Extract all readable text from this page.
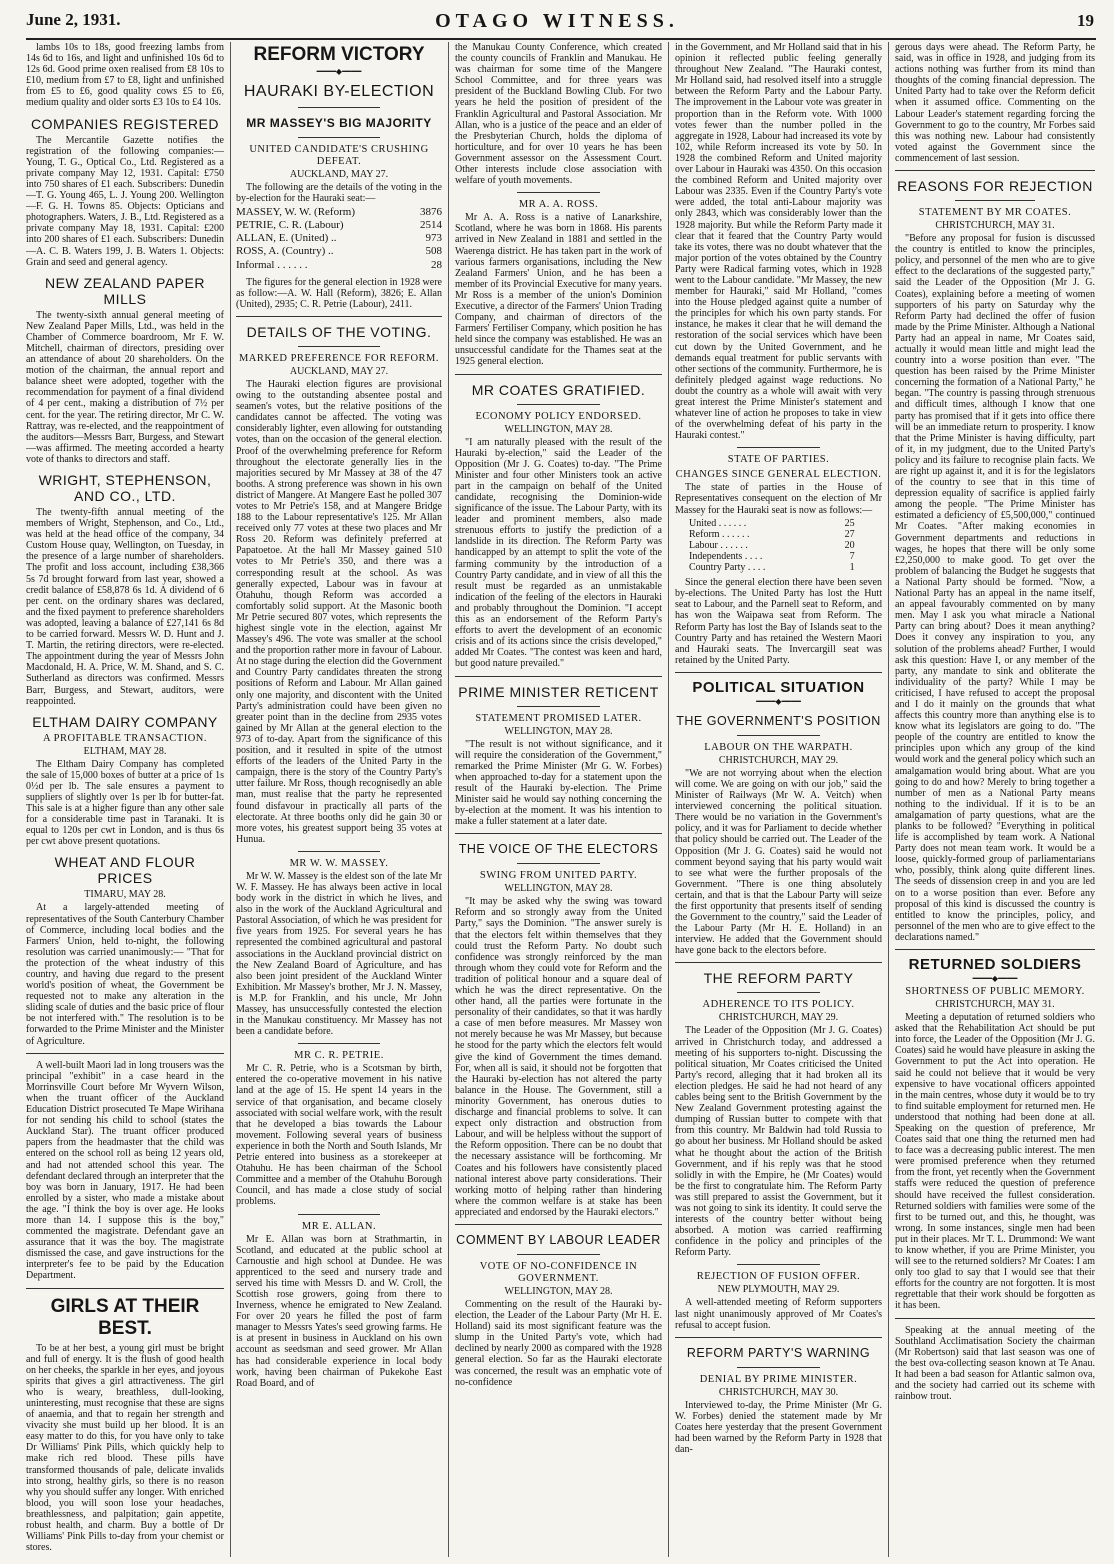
June 2, 1931.	OTAGO WITNESS.	19

lambs 10s to 18s, good freezing lambs from 14s 6d to 16s, and light and unfinished 10s 6d to 12s 6d. Good prime oxen realised from £8 10s to £10, medium from £7 to £8, light and unfinished from £5 to £6, good quality cows £5 to £6, medium quality and older sorts £3 10s to £4 10s.

COMPANIES REGISTERED

The Mercantile Gazette notifies the registration of the following companies:— Young, T. G., Optical Co., Ltd. Registered as a private company May 12, 1931. Capital: £750 into 750 shares of £1 each. Subscribers: Dunedin—T. G. Young 465, L. J. Young 200. Wellington—F. G. H. Towns 85. Objects: Opticians and photographers. Waters, J. B., Ltd. Registered as a private company May 18, 1931. Capital: £200 into 200 shares of £1 each. Subscribers: Dunedin—A. C. B. Waters 199, J. B. Waters 1. Objects: Grain and seed and general agency.

NEW ZEALAND PAPER MILLS

The twenty-sixth annual general meeting of New Zealand Paper Mills, Ltd., was held in the Chamber of Commerce boardroom, Mr F. W. Mitchell, chairman of directors, presiding over an attendance of about 20 shareholders. On the motion of the chairman, the annual report and balance sheet were adopted, together with the recommendation for payment of a final dividend of 4 per cent., making a distribution of 7½ per cent. for the year. The retiring director, Mr C. W. Rattray, was re-elected, and the reappointment of the auditors—Messrs Barr, Burgess, and Stewart—was affirmed. The meeting accorded a hearty vote of thanks to directors and staff.

WRIGHT, STEPHENSON, AND CO., LTD.

The twenty-fifth annual meeting of the members of Wright, Stephenson, and Co., Ltd., was held at the head office of the company, 34 Custom House quay, Wellington, on Tuesday, in the presence of a large number of shareholders. The profit and loss account, including £38,366 5s 7d brought forward from last year, showed a credit balance of £58,878 6s 1d. A dividend of 6 per cent. on the ordinary shares was declared, and the fixed payment to preference shareholders was adopted, leaving a balance of £27,141 6s 8d to be carried forward. Messrs W. D. Hunt and J. T. Martin, the retiring directors, were re-elected. The appointment during the year of Messrs John Macdonald, H. A. Price, W. M. Shand, and S. C. Sutherland as directors was confirmed. Messrs Barr, Burgess, and Stewart, auditors, were reappointed.

ELTHAM DAIRY COMPANY
A PROFITABLE TRANSACTION.
ELTHAM, MAY 28.

The Eltham Dairy Company has completed the sale of 15,000 boxes of butter at a price of 1s 0½d per lb. The sale ensures a payment to suppliers of slightly over 1s per lb for butter-fat. This sale is at a higher figure than any other sale for a considerable time past in Taranaki. It is equal to 120s per cwt in London, and is thus 6s per cwt above present quotations.

WHEAT AND FLOUR PRICES
TIMARU, MAY 28.

At a largely-attended meeting of representatives of the South Canterbury Chamber of Commerce, including local bodies and the Farmers' Union, held to-night, the following resolution was carried unanimously:— "That for the protection of the wheat industry of this country, and having due regard to the present world's position of wheat, the Government be requested not to make any alteration in the sliding scale of duties and the basic price of flour be not interfered with." The resolution is to be forwarded to the Prime Minister and the Minister of Agriculture.

A well-built Maori lad in long trousers was the principal "exhibit" in a case heard in the Morrinsville Court before Mr Wyvern Wilson, when the truant officer of the Auckland Education District prosecuted Te Mape Wirihana for not sending his child to school (states the Auckland Star). The truant officer produced papers from the headmaster that the child was entered on the school roll as being 12 years old, and had not attended school this year. The defendant declared through an interpreter that the boy was born in January, 1917. He had been enrolled by a sister, who made a mistake about the age. "I think the boy is over age. He looks more than 14. I suppose this is the boy," commented the magistrate. Defendant gave an assurance that it was the boy. The magistrate dismissed the case, and gave instructions for the interpreter's fee to be paid by the Education Department.

GIRLS AT THEIR BEST.

To be at her best, a young girl must be bright and full of energy. It is the flush of good health on her cheeks, the sparkle in her eyes, and joyous spirits that gives a girl attractiveness. The girl who is weary, breathless, dull-looking, uninteresting, must recognise that these are signs of anaemia, and that to regain her strength and vivacity she must build up her blood. It is an easy matter to do this, for you have only to take Dr Williams' Pink Pills, which quickly help to make rich red blood. These pills have transformed thousands of pale, delicate invalids into strong, healthy girls, so there is no reason why you should suffer any longer. With enriched blood, you will soon lose your headaches, breathlessness, and palpitation; gain appetite, robust health, and charm. Buy a bottle of Dr Williams' Pink Pills to-day from your chemist or stores.

REFORM VICTORY
━━━━◆━━━━
HAURAKI BY-ELECTION
MR MASSEY'S BIG MAJORITY
UNITED CANDIDATE'S CRUSHING DEFEAT.
AUCKLAND, MAY 27.

The following are the details of the voting in the by-election for the Hauraki seat:—

MASSEY, W. W. (Reform)	3876
PETRIE, C. R. (Labour)	2514
ALLAN, E. (United) ..	973
ROSS, A. (Country) ..	508
Informal . . . . . .	28

The figures for the general election in 1928 were as follow:—A. W. Hall (Reform), 3826; E. Allan (United), 2935; C. R. Petrie (Labour), 2411.

DETAILS OF THE VOTING.
MARKED PREFERENCE FOR REFORM.
AUCKLAND, MAY 27.

The Hauraki election figures are provisional owing to the outstanding absentee postal and seamen's votes, but the relative positions of the candidates cannot be affected. The voting was considerably lighter, even allowing for outstanding votes, than on the occasion of the general election. Proof of the overwhelming preference for Reform throughout the electorate generally lies in the majorities secured by Mr Massey at 38 of the 47 booths. A strong preference was shown in his own district of Mangere. At Mangere East he polled 307 votes to Mr Petrie's 158, and at Mangere Bridge 188 to the Labour representative's 125. Mr Allan received only 77 votes at these two places and Mr Ross 20. Reform was definitely preferred at Papatoetoe. At the hall Mr Massey gained 510 votes to Mr Petrie's 350, and there was a corresponding result at the school. As was generally expected, Labour was in favour at Otahuhu, though Reform was accorded a comfortably solid support. At the Masonic booth Mr Petrie secured 807 votes, which represents the highest single vote in the election, against Mr Massey's 496. The vote was smaller at the school and the proportion rather more in favour of Labour. At no stage during the election did the Government and Country Party candidates threaten the strong positions of Reform and Labour. Mr Allan gained only one majority, and discontent with the United Party's administration could have been given no greater point than in the decline from 2935 votes gained by Mr Allan at the general election to the 973 of to-day. Apart from the significance of this position, and it resulted in spite of the utmost efforts of the leaders of the United Party in the campaign, there is the story of the Country Party's utter failure. Mr Ross, though recognisedly an able man, must realise that the party he represented found disfavour in practically all parts of the electorate. At three booths only did he gain 30 or more votes, his greatest support being 35 votes at Hunua.

MR W. W. MASSEY.

Mr W. W. Massey is the eldest son of the late Mr W. F. Massey. He has always been active in local body work in the district in which he lives, and also in the work of the Auckland Agricultural and Pastoral Association, of which he was president for five years from 1925. For several years he has represented the combined agricultural and pastoral associations in the Auckland provincial district on the New Zealand Board of Agriculture, and has also been joint president of the Auckland Winter Exhibition. Mr Massey's brother, Mr J. N. Massey, is M.P. for Franklin, and his uncle, Mr John Massey, has unsuccessfully contested the election in the Manukau constituency. Mr Massey has not been a candidate before.

MR C. R. PETRIE.

Mr C. R. Petrie, who is a Scotsman by birth, entered the co-operative movement in his native land at the age of 15. He spent 14 years in the service of that organisation, and became closely associated with social welfare work, with the result that he developed a bias towards the Labour movement. Following several years of business experience in both the North and South Islands, Mr Petrie entered into business as a storekeeper at Otahuhu. He has been chairman of the School Committee and a member of the Otahuhu Borough Council, and has made a close study of social problems.

MR E. ALLAN.

Mr E. Allan was born at Strathmartin, in Scotland, and educated at the public school at Carnoustie and high school at Dundee. He was apprenticed to the seed and nursery trade and served his time with Messrs D. and W. Croll, the Scottish rose growers, going from there to Inverness, whence he emigrated to New Zealand. For over 20 years he filled the post of farm manager to Messrs Yates's seed growing farms. He is at present in business in Auckland on his own account as seedsman and seed grower. Mr Allan has had considerable experience in local body work, having been chairman of Pukekohe East Road Board, and of

the Manukau County Conference, which created the county councils of Franklin and Manukau. He was chairman for some time of the Mangere School Committee, and for three years was president of the Buckland Bowling Club. For two years he held the position of president of the Franklin Agricultural and Pastoral Association. Mr Allan, who is a justice of the peace and an elder of the Presbyterian Church, holds the diploma of horticulture, and for over 10 years he has been Government assessor on the Assessment Court. Other interests include close association with welfare of youth movements.

MR A. A. ROSS.

Mr A. A. Ross is a native of Lanarkshire, Scotland, where he was born in 1868. His parents arrived in New Zealand in 1881 and settled in the Waerenga district. He has taken part in the work of various farmers organisations, including the New Zealand Farmers' Union, and he has been a member of its Provincial Executive for many years. Mr Ross is a member of the union's Dominion Executive, a director of the Farmers' Union Trading Company, and chairman of directors of the Farmers' Fertiliser Company, which position he has held since the company was established. He was an unsuccessful candidate for the Thames seat at the 1925 general election.

MR COATES GRATIFIED.
ECONOMY POLICY ENDORSED.
WELLINGTON, MAY 28.

"I am naturally pleased with the result of the Hauraki by-election," said the Leader of the Opposition (Mr J. G. Coates) to-day. "The Prime Minister and four other Ministers took an active part in the campaign on behalf of the United candidate, recognising the Dominion-wide significance of the issue. The Labour Party, with its leader and prominent members, also made strenuous efforts to justify the prediction of a landslide in its direction. The Reform Party was handicapped by an attempt to split the vote of the farming community by the introduction of a Country Party candidate, and in view of all this the result must be regarded as an unmistakable indication of the feeling of the electors in Hauraki and probably throughout the Dominion. "I accept this as an endorsement of the Reform Party's efforts to avert the development of an economic crisis and of its actions since the crisis developed," added Mr Coates. "The contest was keen and hard, but good nature prevailed."

PRIME MINISTER RETICENT
STATEMENT PROMISED LATER.
WELLINGTON, MAY 28.

"The result is not without significance, and it will require the consideration of the Government," remarked the Prime Minister (Mr G. W. Forbes) when approached to-day for a statement upon the result of the Hauraki by-election. The Prime Minister said he would say nothing concerning the by-election at the moment. It was his intention to make a fuller statement at a later date.

THE VOICE OF THE ELECTORS
SWING FROM UNITED PARTY.
WELLINGTON, MAY 28.

"It may be asked why the swing was toward Reform and so strongly away from the United Party," says the Dominion. "The answer surely is that the electors felt within themselves that they could trust the Reform Party. No doubt such confidence was strongly reinforced by the man through whom they could vote for Reform and the tradition of political honour and a square deal of which he was the direct representative. On the other hand, all the parties were fortunate in the personality of their candidates, so that it was hardly a case of men before measures. Mr Massey won not merely because he was Mr Massey, but because he stood for the party which the electors felt would give the kind of Government the times demand. For, when all is said, it should not be forgotten that the Hauraki by-election has not altered the party balance in the House. The Government, still a minority Government, has onerous duties to discharge and financial problems to solve. It can expect only distraction and obstruction from Labour, and will be helpless without the support of the Reform opposition. There can be no doubt that the necessary assistance will be forthcoming. Mr Coates and his followers have consistently placed national interest above party considerations. Their working motto of helping rather than hindering where the common welfare is at stake has been appreciated and endorsed by the Hauraki electors."

COMMENT BY LABOUR LEADER
VOTE OF NO-CONFIDENCE IN GOVERNMENT.
WELLINGTON, MAY 28.

Commenting on the result of the Hauraki by-election, the Leader of the Labour Party (Mr H. E. Holland) said its most significant feature was the slump in the United Party's vote, which had declined by nearly 2000 as compared with the 1928 general election. So far as the Hauraki electorate was concerned, the result was an emphatic vote of no-confidence

in the Government, and Mr Holland said that in his opinion it reflected public feeling generally throughout New Zealand. "The Hauraki contest, Mr Holland said, had resolved itself into a struggle between the Reform Party and the Labour Party. The improvement in the Labour vote was greater in proportion than in the Reform vote. With 1000 votes fewer than the number polled in the aggregate in 1928, Labour had increased its vote by 102, while Reform increased its vote by 50. In 1928 the combined Reform and United majority over Labour in Hauraki was 4350. On this occasion the combined Reform and United majority over Labour was 2335. Even if the Country Party's vote were added, the total anti-Labour majority was only 2843, which was considerably lower than the 1928 majority. But while the Reform Party made it clear that it feared that the Country Party would take its votes, there was no doubt whatever that the major portion of the votes obtained by the Country Party were Radical farming votes, which in 1928 went to the Labour candidate. "Mr Massey, the new member for Hauraki," said Mr Holland, "comes into the House pledged against quite a number of the principles for which his own party stands. For instance, he makes it clear that he will demand the restoration of the social services which have been cut down by the United Government, and he demands equal treatment for public servants with other sections of the community. Furthermore, he is definitely pledged against wage reductions. No doubt the country as a whole will await with very great interest the Prime Minister's statement and whatever line of action he proposes to take in view of the overwhelming defeat of his party in the Hauraki contest."

STATE OF PARTIES.
CHANGES SINCE GENERAL ELECTION.

The state of parties in the House of Representatives consequent on the election of Mr Massey for the Hauraki seat is now as follows:—

United . . . . . .	25
Reform . . . . . .	27
Labour . . . . . .	20
Independents . . . .	7
Country Party . . . .	1

Since the general election there have been seven by-elections. The United Party has lost the Hutt seat to Labour, and the Parnell seat to Reform, and has won the Waipawa seat from Reform. The Reform Party has lost the Bay of Islands seat to the Country Party and has retained the Western Maori and Hauraki seats. The Invercargill seat was retained by the United Party.

POLITICAL SITUATION
━━━━◆━━━━
THE GOVERNMENT'S POSITION
LABOUR ON THE WARPATH.
CHRISTCHURCH, MAY 29.

"We are not worrying about when the election will come. We are going on with our job," said the Minister of Railways (Mr W. A. Veitch) when interviewed concerning the political situation. There would be no variation in the Government's policy, and it was for Parliament to decide whether that policy should be carried out. The Leader of the Opposition (Mr J. G. Coates) said he would not comment beyond saying that his party would wait to see what were the further proposals of the Government. "There is one thing absolutely certain, and that is that the Labour Party will seize the first opportunity that presents itself of sending the Government to the country," said the Leader of the Labour Party (Mr H. E. Holland) in an interview. He added that the Government should have gone back to the electors before.

THE REFORM PARTY
ADHERENCE TO ITS POLICY.
CHRISTCHURCH, MAY 29.

The Leader of the Opposition (Mr J. G. Coates) arrived in Christchurch today, and addressed a meeting of his supporters to-night. Discussing the political situation, Mr Coates criticised the United Party's record, alleging that it had broken all its election pledges. He said he had not heard of any cables being sent to the British Government by the New Zealand Government protesting against the dumping of Russian butter to compete with that from this country. Mr Baldwin had told Russia to go about her business. Mr Holland should be asked what he thought about the action of the British Government, and if his reply was that he stood solidly in with the Empire, he (Mr Coates) would be the first to congratulate him. The Reform Party was still prepared to assist the Government, but it was not going to sink its identity. It could serve the interests of the country better without being absorbed. A motion was carried reaffirming confidence in the policy and principles of the Reform Party.

REJECTION OF FUSION OFFER.
NEW PLYMOUTH, MAY 29.

A well-attended meeting of Reform supporters last night unanimously approved of Mr Coates's refusal to accept fusion.

REFORM PARTY'S WARNING
DENIAL BY PRIME MINISTER.
CHRISTCHURCH, MAY 30.

Interviewed to-day, the Prime Minister (Mr G. W. Forbes) denied the statement made by Mr Coates here yesterday that the present Government had been warned by the Reform Party in 1928 that dan-

gerous days were ahead. The Reform Party, he said, was in office in 1928, and judging from its actions nothing was further from its mind than thoughts of the coming financial depression. The United Party had to take over the Reform deficit when it assumed office. Commenting on the Labour Leader's statement regarding forcing the Government to go to the country, Mr Forbes said this was nothing new. Labour had consistently voted against the Government since the commencement of last session.

REASONS FOR REJECTION
STATEMENT BY MR COATES.
CHRISTCHURCH, MAY 31.

"Before any proposal for fusion is discussed the country is entitled to know the principles, policy, and personnel of the men who are to give effect to the declarations of the suggested party," said the Leader of the Opposition (Mr J. G. Coates), explaining before a meeting of women supporters of his party on Saturday why the Reform Party had declined the offer of fusion made by the Prime Minister. Although a National Party had an appeal in name, Mr Coates said, actually it would mean little and might lead the country into a worse position than ever. "The question has been raised by the Prime Minister concerning the formation of a National Party," he began. "The country is passing through strenuous and difficult times, although I know that one party has promised that if it gets into office there will be an immediate return to prosperity. I know that the Prime Minister is having difficulty, part of it, in my judgment, due to the United Party's policy and its failure to recognise plain facts. We are right up against it, and it is for the legislators of the country to see that in this time of depression equality of sacrifice is applied fairly among the people. "The Prime Minister has estimated a deficiency of £5,500,000," continued Mr Coates. "After making economies in Government departments and reductions in wages, he hopes that there will be only some £2,250,000 to make good. To get over the problem of balancing the Budget he suggests that a National Party should be formed. "Now, a National Party has an appeal in the name itself, an appeal favourably commented on by many men. May I ask you what miracle a National Party can bring about? Does it mean anything? Does it convey any inspiration to you, any solution of the problems ahead? Further, I would ask this question: Have I, or any member of the party, any mandate to sink and obliterate the individuality of the party? While I may be criticised, I have refused to accept the proposal and I do it mainly on the grounds that what affects this country more than anything else is to know what its legislators are going to do. "The people of the country are entitled to know the principles upon which any group of the kind would work and the general policy which such an amalgamation would bring about. What are you going to do and how? Merely to bring together a number of men as a National Party means nothing to the individual. If it is to be an amalgamation of party questions, what are the planks to be followed? "Everything in political life is accomplished by team work. A National Party does not mean team work. It would be a loose, quickly-formed group of parliamentarians who, possibly, think along quite different lines. The seeds of dissension creep in and you are led on to a worse position than ever. Before any proposal of this kind is discussed the country is entitled to know the principles, policy, and personnel of the men who are to give effect to the declarations named."

RETURNED SOLDIERS
━━━━◆━━━━
SHORTNESS OF PUBLIC MEMORY.
CHRISTCHURCH, MAY 31.

Meeting a deputation of returned soldiers who asked that the Rehabilitation Act should be put into force, the Leader of the Opposition (Mr J. G. Coates) said he would have pleasure in asking the Government to put the Act into operation. He said he could not believe that it would be very expensive to have vocational officers appointed in the main centres, whose duty it would be to try to find suitable employment for returned men. He understood that nothing had been done at all. Speaking on the question of preference, Mr Coates said that one thing the returned men had to face was a decreasing public interest. The men were promised preference when they returned from the front, yet recently when the Government staffs were reduced the question of preference should have received the fullest consideration. Returned soldiers with families were some of the first to be turned out, and this, he thought, was wrong. In some instances, single men had been put in their places. Mr T. L. Drummond: We want to know whether, if you are Prime Minister, you will see to the returned soldiers? Mr Coates: I am only too glad to say that I would see that their efforts for the country are not forgotten. It is most regrettable that their work should be forgotten as it has been.

Speaking at the annual meeting of the Southland Acclimatisation Society the chairman (Mr Robertson) said that last season was one of the best ova-collecting season known at Te Anau. It had been a bad season for Atlantic salmon ova, and the society had carried out its scheme with rainbow trout.
